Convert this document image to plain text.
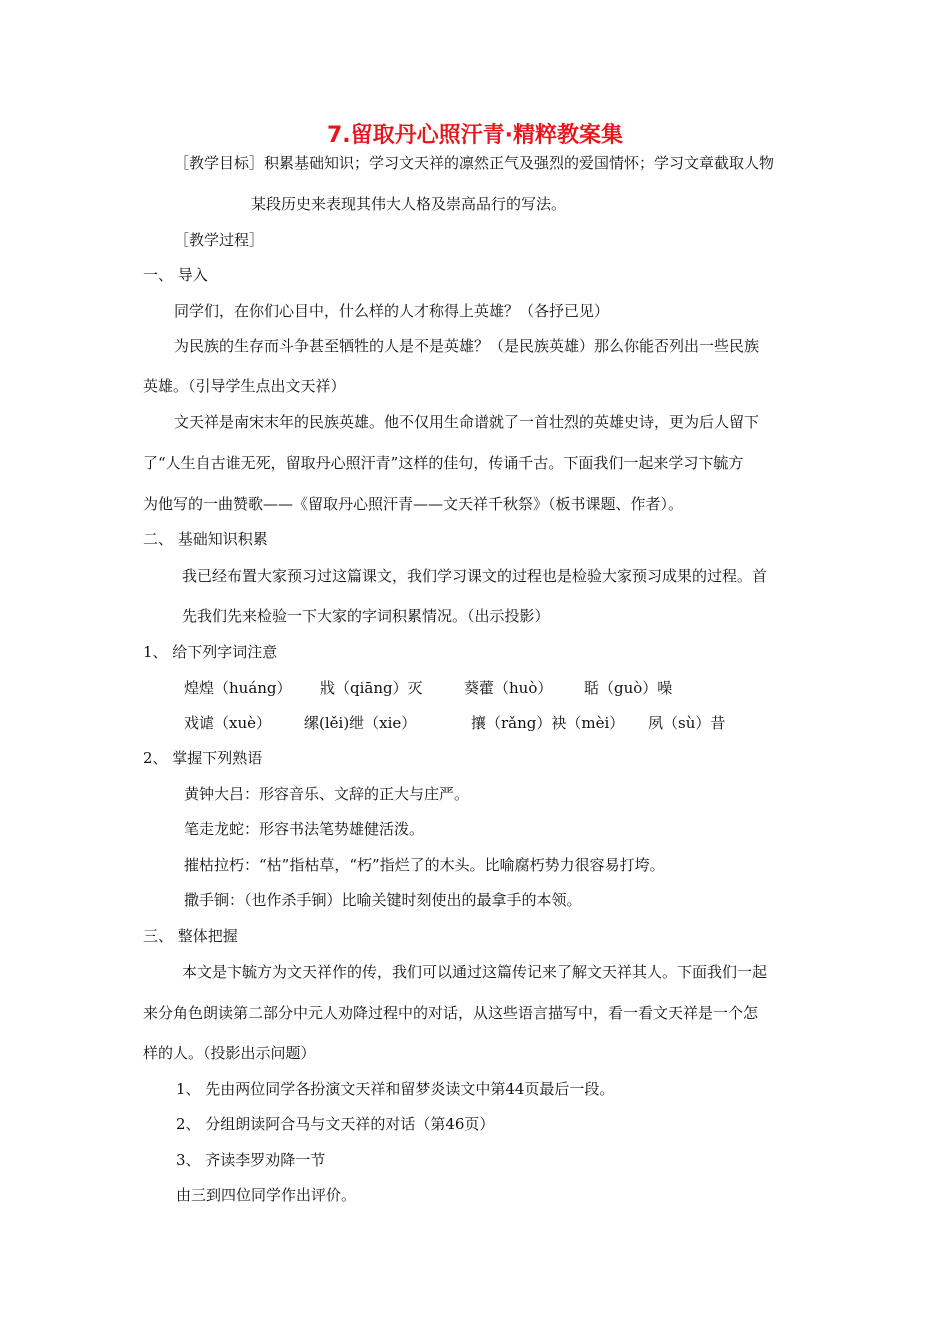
7.留取丹心照汗青·精粹教案集
［教学目标］积累基础知识；学习文天祥的凛然正气及强烈的爱国情怀；学习文章截取人物
某段历史来表现其伟大人格及崇高品行的写法。
［教学过程］
一、 导入
同学们，在你们心目中，什么样的人才称得上英雄？（各抒已见）
为民族的生存而斗争甚至牺牲的人是不是英雄？（是民族英雄）那么你能否列出一些民族
英雄。（引导学生点出文天祥）
文天祥是南宋末年的民族英雄。他不仅用生命谱就了一首壮烈的英雄史诗，更为后人留下
了“人生自古谁无死，留取丹心照汗青”这样的佳句，传诵千古。下面我们一起来学习卞毓方
为他写的一曲赞歌——《留取丹心照汗青——文天祥千秋祭》（板书课题、作者）。
二、 基础知识积累
我已经布置大家预习过这篇课文，我们学习课文的过程也是检验大家预习成果的过程。首
先我们先来检验一下大家的字词积累情况。（出示投影）
1、 给下列字词注意
煌煌（huáng） 戕（qiāng）灭	葵藿（huò） 聒（guò）噪
戏谑（xuè） 缧(lěi)绁（xie）	攘（rǎng）袂（mèi） 夙（sù）昔
2、 掌握下列熟语
黄钟大吕：形容音乐、文辞的正大与庄严。
笔走龙蛇：形容书法笔势雄健活泼。
摧枯拉朽：“枯”指枯草，“朽”指烂了的木头。比喻腐朽势力很容易打垮。
撒手锏：（也作杀手锏）比喻关键时刻使出的最拿手的本领。
三、 整体把握
本文是卞毓方为文天祥作的传，我们可以通过这篇传记来了解文天祥其人。下面我们一起
来分角色朗读第二部分中元人劝降过程中的对话，从这些语言描写中，看一看文天祥是一个怎
样的人。（投影出示问题）
1、 先由两位同学各扮演文天祥和留梦炎读文中第44页最后一段。
2、 分组朗读阿合马与文天祥的对话（第46页）
3、 齐读李罗劝降一节
由三到四位同学作出评价。
